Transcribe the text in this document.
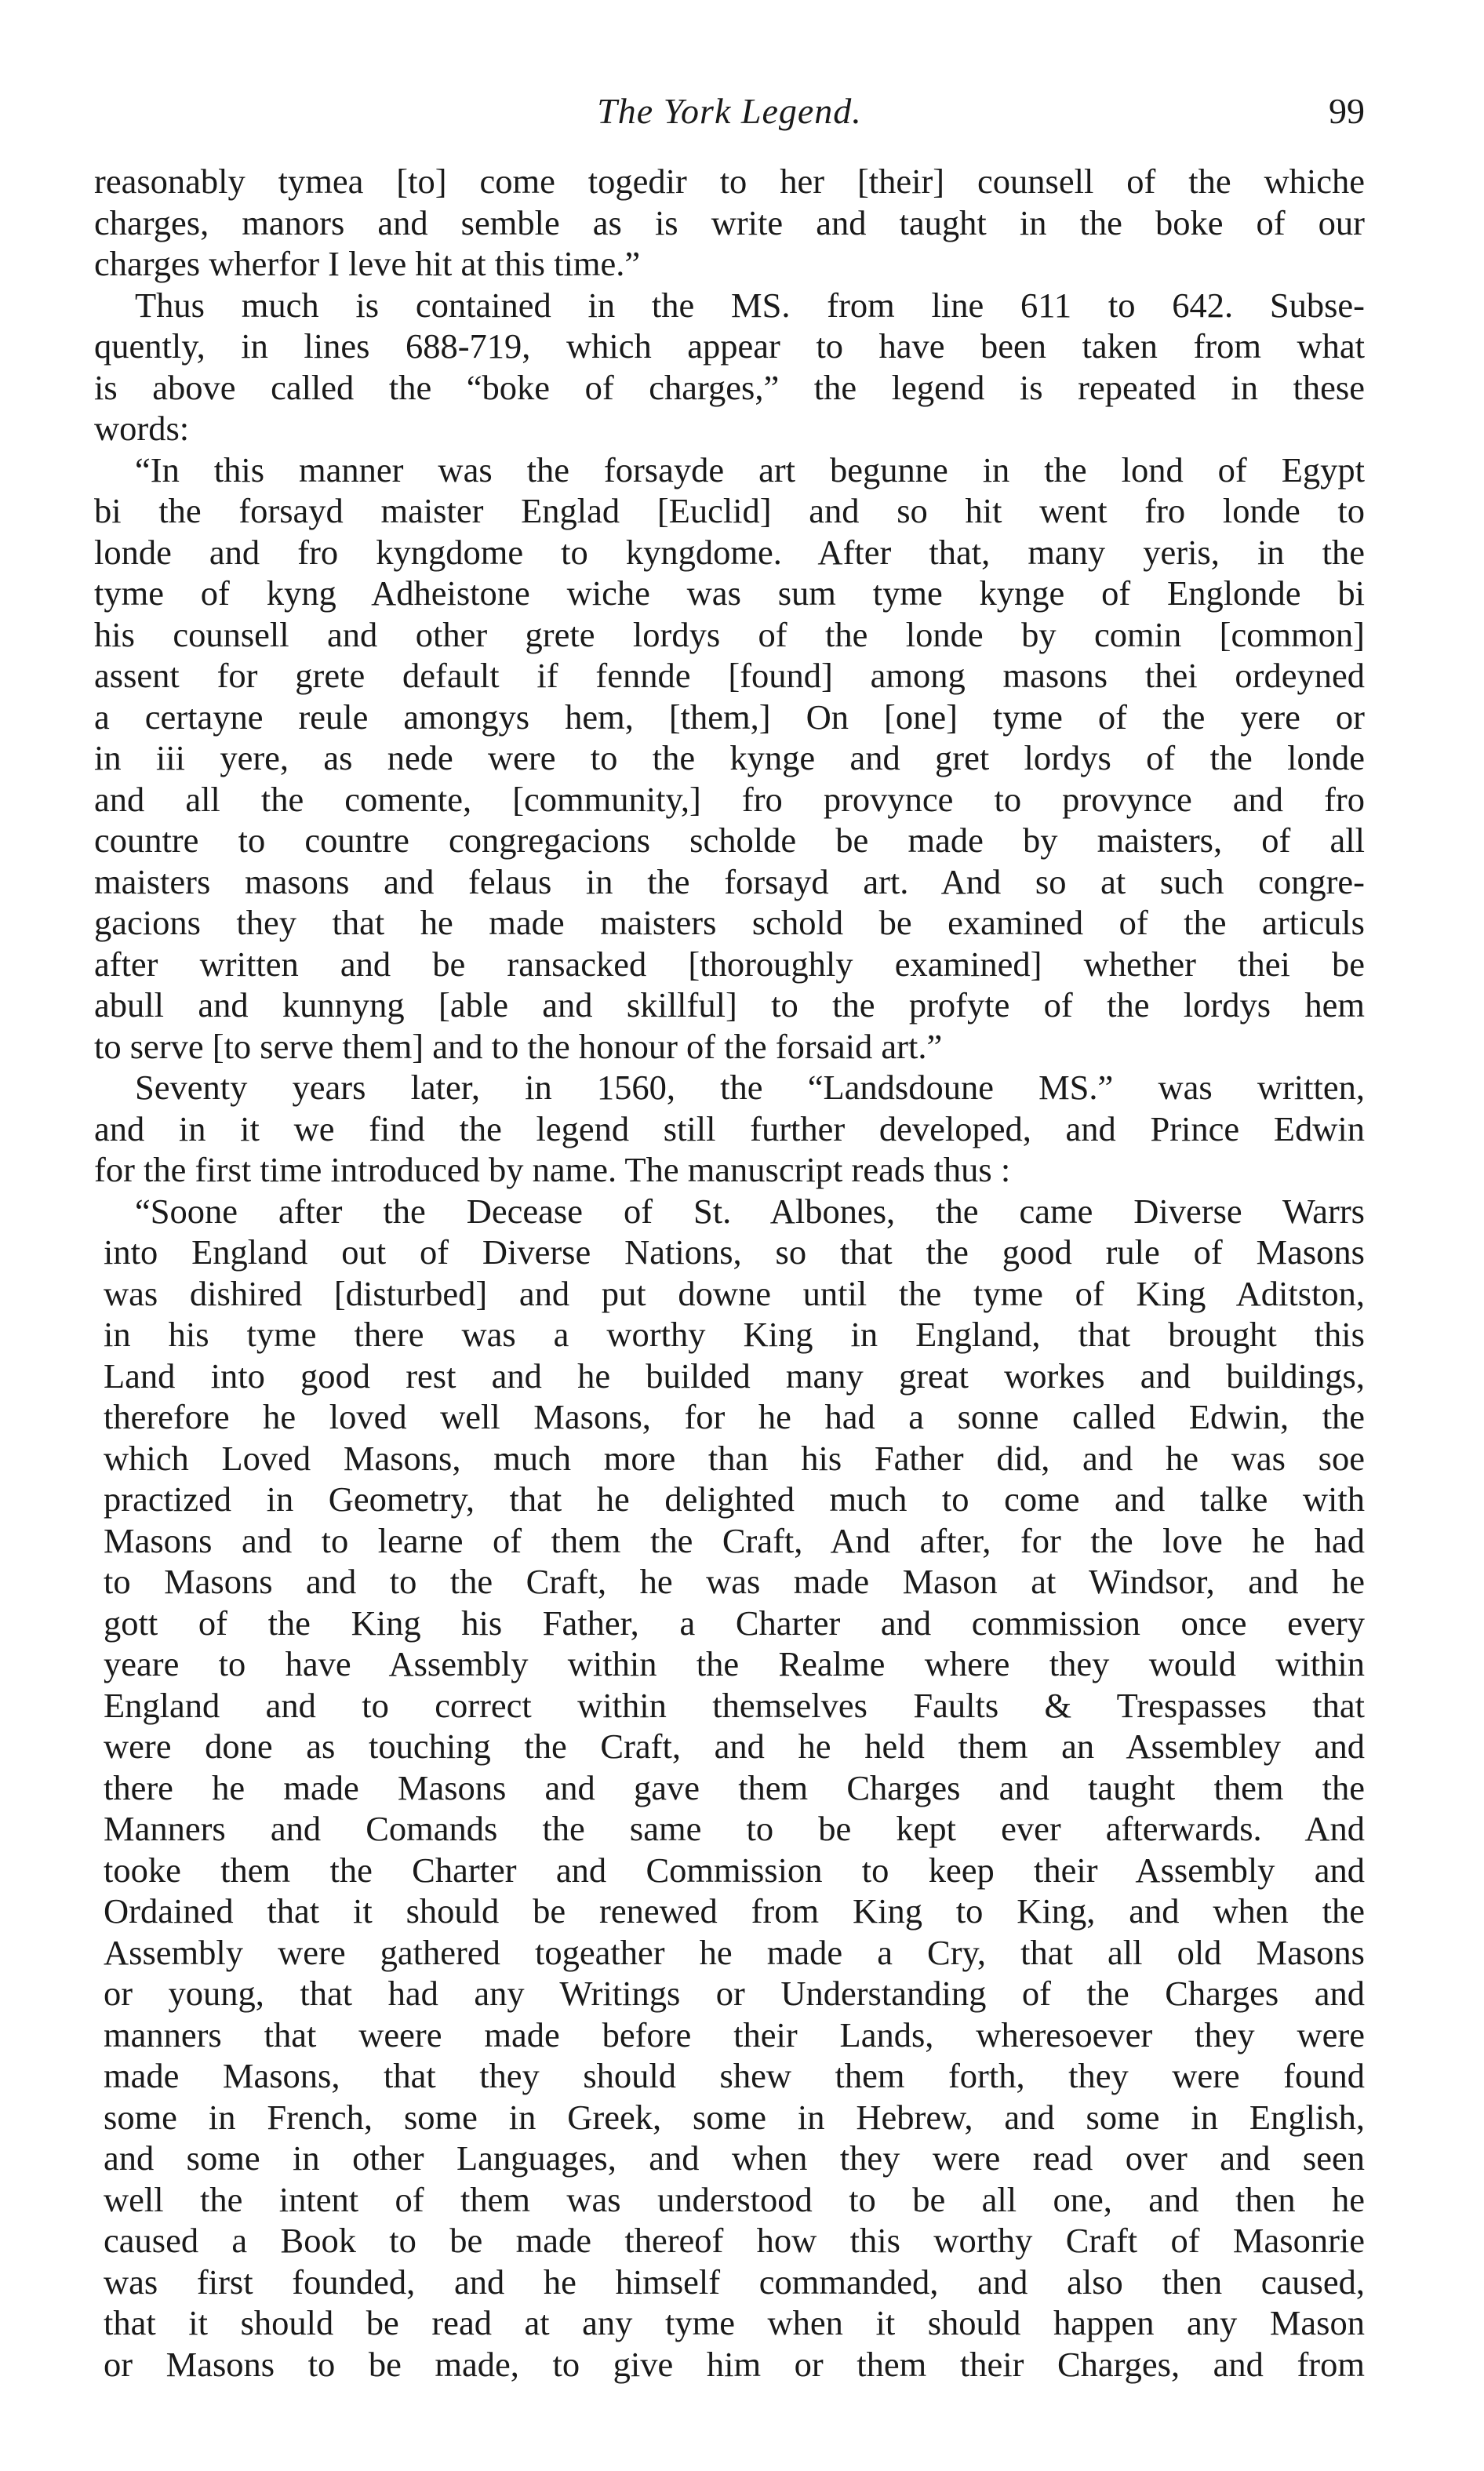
The York Legend.	99
reasonably tymea [to] come togedir to her [their] counsell of the whiche
charges, manors and semble as is write and taught in the boke of our
charges wherfor I leve hit at this time.”
Thus much is contained in the MS. from line 611 to 642. Subse-
quently, in lines 688-719, which appear to have been taken from what
is above called the “boke of charges,” the legend is repeated in these
words:
“In this manner was the forsayde art begunne in the lond of Egypt
bi the forsayd maister Englad [Euclid] and so hit went fro londe to
londe and fro kyngdome to kyngdome. After that, many yeris, in the
tyme of kyng Adheistone wiche was sum tyme kynge of Englonde bi
his counsell and other grete lordys of the londe by comin [common]
assent for grete default if fennde [found] among masons thei ordeyned
a certayne reule amongys hem, [them,] On [one] tyme of the yere or
in iii yere, as nede were to the kynge and gret lordys of the londe
and all the comente, [community,] fro provynce to provynce and fro
countre to countre congregacions scholde be made by maisters, of all
maisters masons and felaus in the forsayd art. And so at such congre-
gacions they that he made maisters schold be examined of the articuls
after written and be ransacked [thoroughly examined] whether thei be
abull and kunnyng [able and skillful] to the profyte of the lordys hem
to serve [to serve them] and to the honour of the forsaid art.”
Seventy years later, in 1560, the “Landsdoune MS.” was written,
and in it we find the legend still further developed, and Prince Edwin
for the first time introduced by name. The manuscript reads thus :
“Soone after the Decease of St. Albones, the came Diverse Warrs
into England out of Diverse Nations, so that the good rule of Masons
was dishired [disturbed] and put downe until the tyme of King Aditston,
in his tyme there was a worthy King in England, that brought this
Land into good rest and he builded many great workes and buildings,
therefore he loved well Masons, for he had a sonne called Edwin, the
which Loved Masons, much more than his Father did, and he was soe
practized in Geometry, that he delighted much to come and talke with
Masons and to learne of them the Craft, And after, for the love he had
to Masons and to the Craft, he was made Mason at Windsor, and he
gott of the King his Father, a Charter and commission once every
yeare to have Assembly within the Realme where they would within
England and to correct within themselves Faults & Trespasses that
were done as touching the Craft, and he held them an Assembley and
there he made Masons and gave them Charges and taught them the
Manners and Comands the same to be kept ever afterwards. And
tooke them the Charter and Commission to keep their Assembly and
Ordained that it should be renewed from King to King, and when the
Assembly were gathered togeather he made a Cry, that all old Masons
or young, that had any Writings or Understanding of the Charges and
manners that weere made before their Lands, wheresoever they were
made Masons, that they should shew them forth, they were found
some in French, some in Greek, some in Hebrew, and some in English,
and some in other Languages, and when they were read over and seen
well the intent of them was understood to be all one, and then he
caused a Book to be made thereof how this worthy Craft of Masonrie
was first founded, and he himself commanded, and also then caused,
that it should be read at any tyme when it should happen any Mason
or Masons to be made, to give him or them their Charges, and from
